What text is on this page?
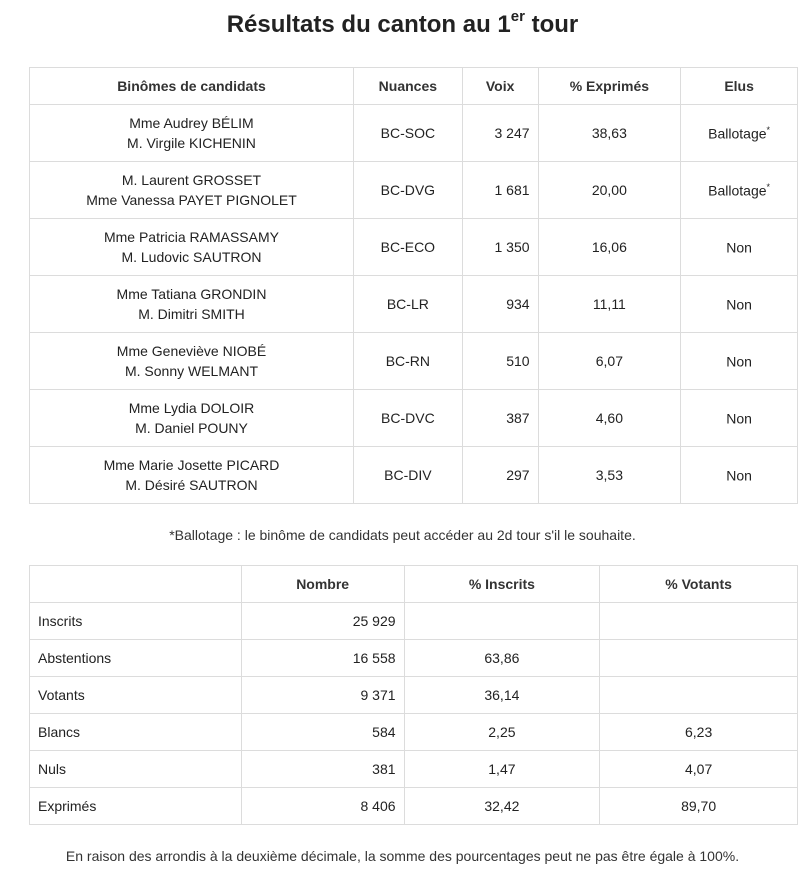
Résultats du canton au 1er tour
Binômes de candidats	Nuances	Voix	% Exprimés	Elus

Mme Audrey BÉLIM
M. Virgile KICHENIN	BC-SOC	3 247	38,63	Ballotage*

M. Laurent GROSSET
Mme Vanessa PAYET PIGNOLET	BC-DVG	1 681	20,00	Ballotage*

Mme Patricia RAMASSAMY
M. Ludovic SAUTRON	BC-ECO	1 350	16,06	Non

Mme Tatiana GRONDIN
M. Dimitri SMITH	BC-LR	934	11,11	Non

Mme Geneviève NIOBÉ
M. Sonny WELMANT	BC-RN	510	6,07	Non

Mme Lydia DOLOIR
M. Daniel POUNY	BC-DVC	387	4,60	Non

Mme Marie Josette PICARD
M. Désiré SAUTRON	BC-DIV	297	3,53	Non
*Ballotage : le binôme de candidats peut accéder au 2d tour s'il le souhaite.
	Nombre	% Inscrits	% Votants
Inscrits	25 929		
Abstentions	16 558	63,86	
Votants	9 371	36,14	
Blancs	584	2,25	6,23
Nuls	381	1,47	4,07
Exprimés	8 406	32,42	89,70
En raison des arrondis à la deuxième décimale, la somme des pourcentages peut ne pas être égale à 100%.
